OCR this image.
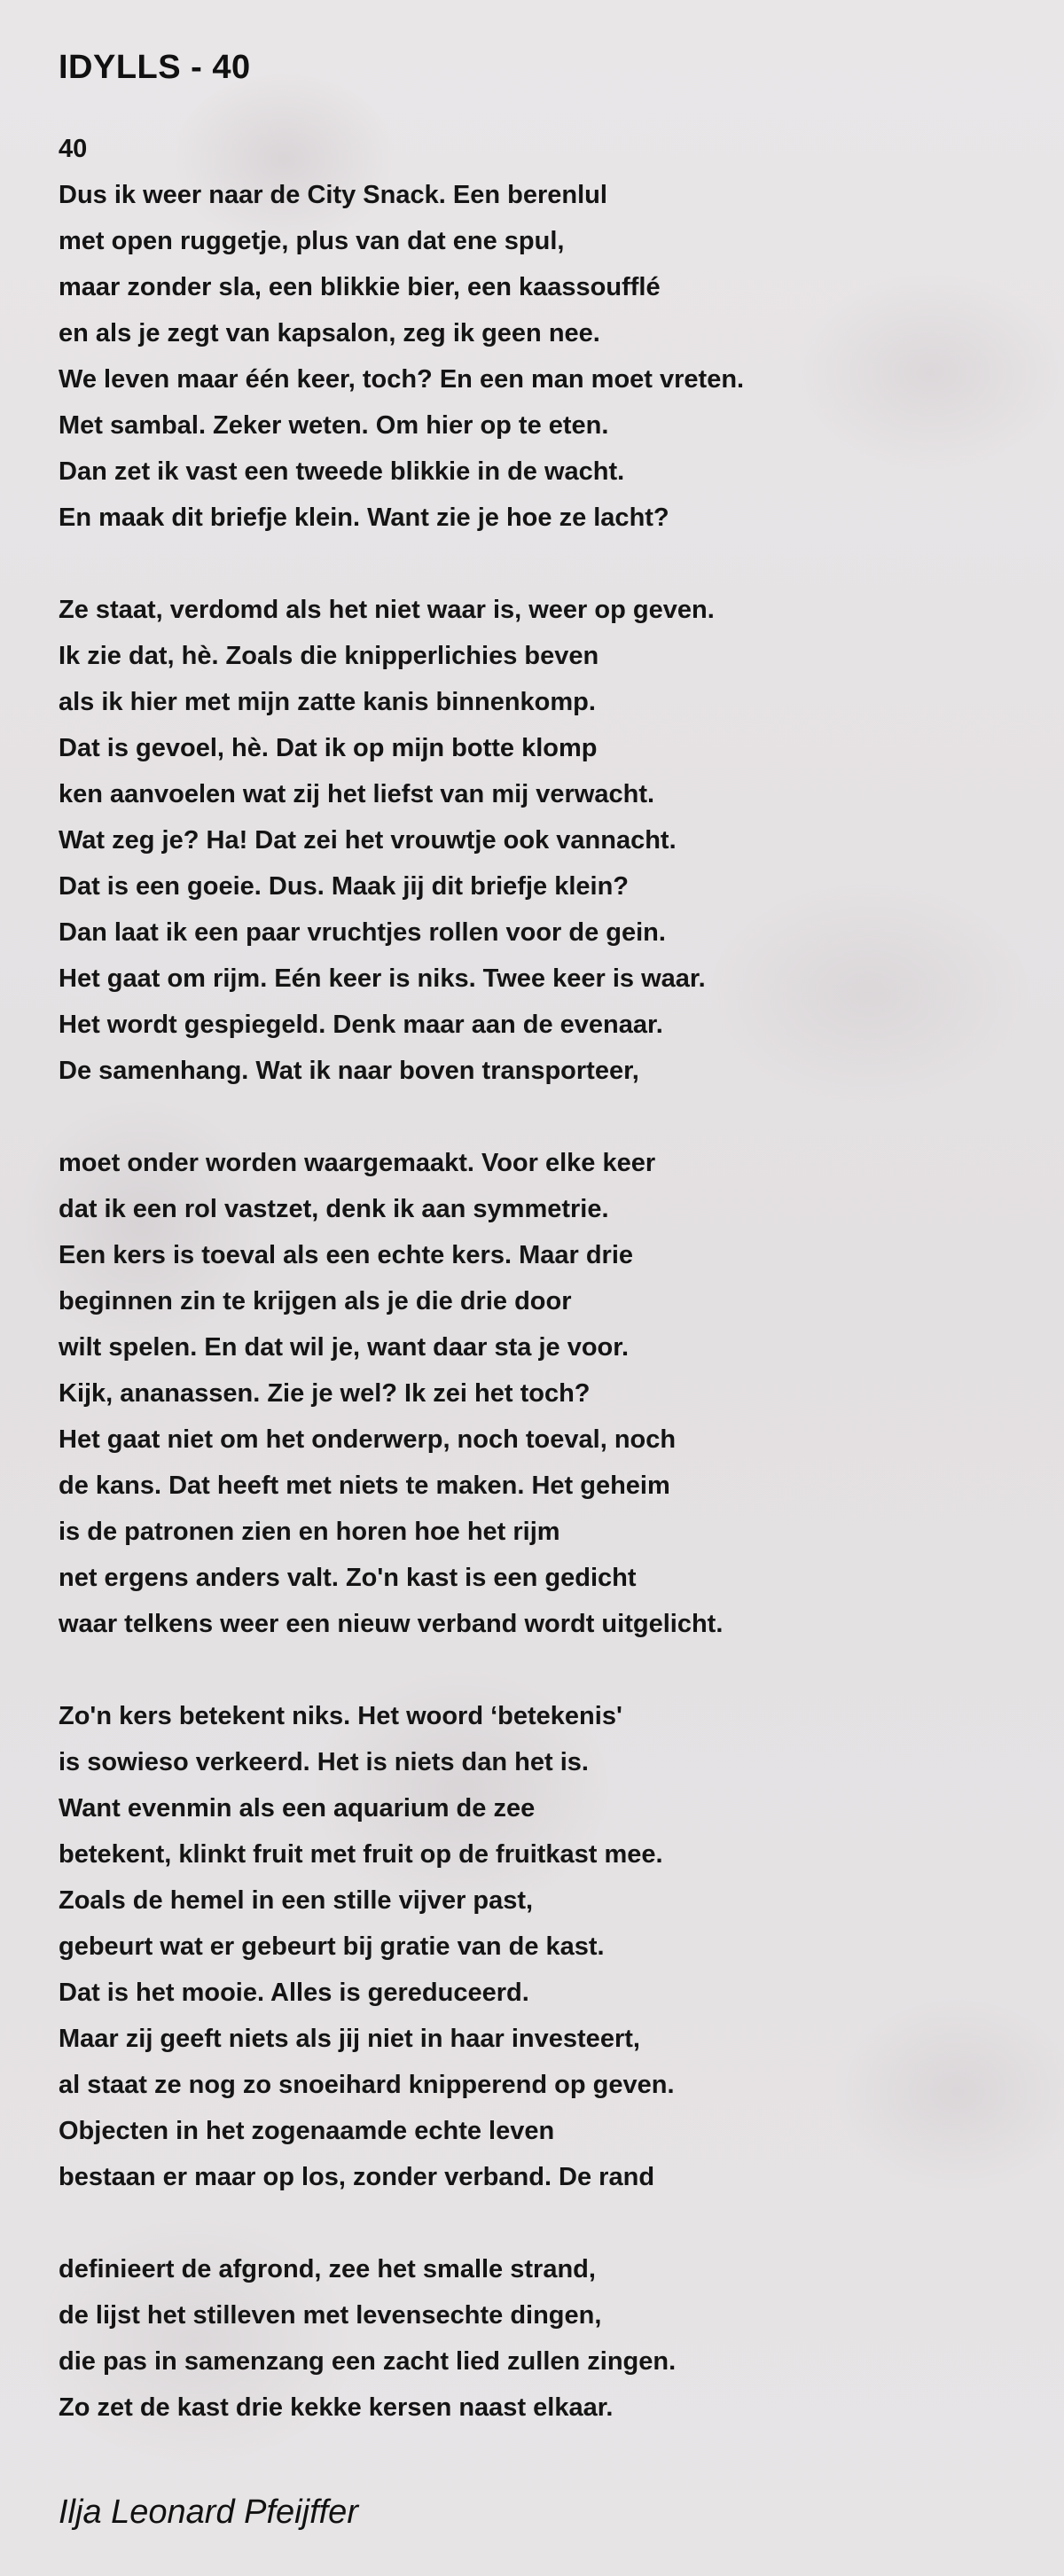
IDYLLS - 40
40
Dus ik weer naar de City Snack. Een berenlul
met open ruggetje, plus van dat ene spul,
maar zonder sla, een blikkie bier, een kaassoufflé
en als je zegt van kapsalon, zeg ik geen nee.
We leven maar één keer, toch? En een man moet vreten.
Met sambal. Zeker weten. Om hier op te eten.
Dan zet ik vast een tweede blikkie in de wacht.
En maak dit briefje klein. Want zie je hoe ze lacht?
Ze staat, verdomd als het niet waar is, weer op geven.
Ik zie dat, hè. Zoals die knipperlichies beven
als ik hier met mijn zatte kanis binnenkomp.
Dat is gevoel, hè. Dat ik op mijn botte klomp
ken aanvoelen wat zij het liefst van mij verwacht.
Wat zeg je? Ha! Dat zei het vrouwtje ook vannacht.
Dat is een goeie. Dus. Maak jij dit briefje klein?
Dan laat ik een paar vruchtjes rollen voor de gein.
Het gaat om rijm. Eén keer is niks. Twee keer is waar.
Het wordt gespiegeld. Denk maar aan de evenaar.
De samenhang. Wat ik naar boven transporteer,
moet onder worden waargemaakt. Voor elke keer
dat ik een rol vastzet, denk ik aan symmetrie.
Een kers is toeval als een echte kers. Maar drie
beginnen zin te krijgen als je die drie door
wilt spelen. En dat wil je, want daar sta je voor.
Kijk, ananassen. Zie je wel? Ik zei het toch?
Het gaat niet om het onderwerp, noch toeval, noch
de kans. Dat heeft met niets te maken. Het geheim
is de patronen zien en horen hoe het rijm
net ergens anders valt. Zo'n kast is een gedicht
waar telkens weer een nieuw verband wordt uitgelicht.
Zo'n kers betekent niks. Het woord ‘betekenis'
is sowieso verkeerd. Het is niets dan het is.
Want evenmin als een aquarium de zee
betekent, klinkt fruit met fruit op de fruitkast mee.
Zoals de hemel in een stille vijver past,
gebeurt wat er gebeurt bij gratie van de kast.
Dat is het mooie. Alles is gereduceerd.
Maar zij geeft niets als jij niet in haar investeert,
al staat ze nog zo snoeihard knipperend op geven.
Objecten in het zogenaamde echte leven
bestaan er maar op los, zonder verband. De rand
definieert de afgrond, zee het smalle strand,
de lijst het stilleven met levensechte dingen,
die pas in samenzang een zacht lied zullen zingen.
Zo zet de kast drie kekke kersen naast elkaar.
Ilja Leonard Pfeijffer
